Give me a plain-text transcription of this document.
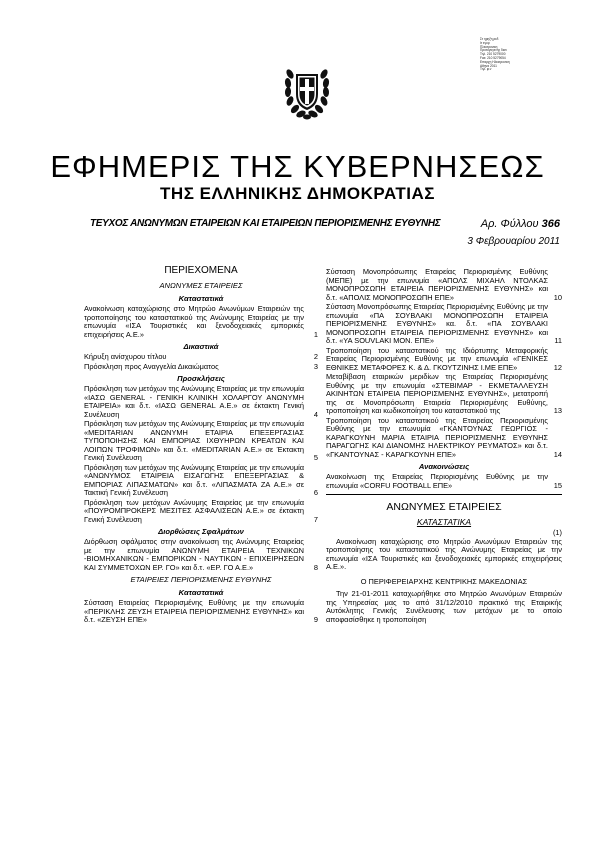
Στ ηρηξη ρεδ
Ιτ εγορ
Πλεκτρονικη
Προτογογενης διαν
Τηλ. 210 5279000
Fax: 210 5279054
Επαρχη Ηλεκτρονικη
Αθηνα 2011
Τηλ. φ.ν
ΕΦΗΜΕΡΙΣ ΤΗΣ ΚΥΒΕΡΝΗΣΕΩΣ
ΤΗΣ ΕΛΛΗΝΙΚΗΣ ΔΗΜΟΚΡΑΤΙΑΣ
ΤΕΥΧΟΣ ΑΝΩΝΥΜΩΝ ΕΤΑΙΡΕΙΩΝ ΚΑΙ ΕΤΑΙΡΕΙΩΝ ΠΕΡΙΟΡΙΣΜΕΝΗΣ ΕΥΘΥΝΗΣ	Αρ. Φύλλου 366
3 Φεβρουαρίου 2011
ΠΕΡΙΕΧΟΜΕΝΑ
ΑΝΩΝΥΜΕΣ ΕΤΑΙΡΕΙΕΣ
Καταστατικά
Ανακοίνωση καταχώρισης στο Μητρώο Ανωνύμων Εταιρειών της τροποποίησης του καταστατικού της Ανώνυμης Εταιρείας με την επωνυμία «ΙΣΑ Τουριστικές και ξενοδοχειακές εμπορικές επιχειρήσεις Α.Ε.»	1
Δικαστικά
Κήρυξη ανίσχυρου τίτλου	2
Πρόσκληση προς Αναγγελία Δικαιώματος	3
Προσκλήσεις
Πρόσκληση των μετόχων της Ανώνυμης Εταιρείας με την επωνυμία «ΙΑΣΩ GENERAL - ΓΕΝΙΚΗ ΚΛΙΝΙΚΗ ΧΟΛΑΡΓΟΥ ΑΝΩΝΥΜΗ ΕΤΑΙΡΕΙΑ» και δ.τ. «ΙΑΣΩ GENERAL A.E.» σε έκτακτη Γενική Συνέλευση	4
Πρόσκληση των μετόχων της Ανώνυμης Εταιρείας με την επωνυμία «MEDITARIAN ΑΝΩΝΥΜΗ ΕΤΑΙΡΙΑ ΕΠΕΞΕΡΓΑΣΙΑΣ ΤΥΠΟΠΟΙΗΣΗΣ ΚΑΙ ΕΜΠΟΡΙΑΣ ΙΧΘΥΗΡΩΝ ΚΡΕΑΤΩΝ ΚΑΙ ΛΟΙΠΩΝ ΤΡΟΦΙΜΩΝ» και δ.τ. «MEDITARIAN A.E.» σε Έκτακτη Γενική Συνέλευση	5
Πρόσκληση των μετόχων της Ανώνυμης Εταιρείας με την επωνυμία «ΑΝΩΝΥΜΟΣ ΕΤΑΙΡΕΙΑ ΕΙΣΑΓΩΓΗΣ ΕΠΕΞΕΡΓΑΣΙΑΣ & ΕΜΠΟΡΙΑΣ ΛΙΠΑΣΜΑΤΩΝ» και δ.τ. «ΛΙΠΑΣΜΑΤΑ ΖΑ Α.Ε.» σε Τακτική Γενική Συνέλευση	6
Πρόσκληση των μετόχων Ανώνυμης Εταιρείας με την επωνυμία «ΠΟΥΡΟΜΠΡΟΚΕΡΣ ΜΕΣΙΤΕΣ ΑΣΦΑΛΙΣΕΩΝ Α.Ε.» σε έκτακτη Γενική Συνέλευση	7
Διορθώσεις Σφαλμάτων
Διόρθωση σφάλματος στην ανακοίνωση της Ανώνυμης Εταιρείας με την επωνυμία ΑΝΩΝΥΜΗ ΕΤΑΙΡΕΙΑ ΤΕΧΝΙΚΩΝ -ΒΙΟΜΗΧΑΝΙΚΩΝ - ΕΜΠΟΡΙΚΩΝ - ΝΑΥΤΙΚΩΝ - ΕΠΙΧΕΙΡΗΣΕΩΝ ΚΑΙ ΣΥΜΜΕΤΟΧΩΝ ΕΡ. ΓΟ» και δ.τ. «ΕΡ. ΓΟ Α.Ε.»	8
ΕΤΑΙΡΕΙΕΣ ΠΕΡΙΟΡΙΣΜΕΝΗΣ ΕΥΘΥΝΗΣ
Καταστατικά
Σύσταση Εταιρείας Περιορισμένης Ευθύνης με την επωνυμία «ΠΕΡΙΚΛΗΣ ΖΕΥΣΗ ΕΤΑΙΡΕΙΑ ΠΕΡΙΟΡΙΣΜΕΝΗΣ ΕΥΘΥΝΗΣ» και δ.τ. «ΖΕΥΣΗ ΕΠΕ»	9
Σύσταση Μονοπρόσωπης Εταιρείας Περιορισμένης Ευθύνης (ΜΕΠΕ) με την επωνυμία «ΑΠΟΛΣ ΜΙΧΑΗΛ ΝΤΟΛΚΑΣ ΜΟΝΟΠΡΟΣΩΠΗ ΕΤΑΙΡΕΙΑ ΠΕΡΙΟΡΙΣΜΕΝΗΣ ΕΥΘΥΝΗΣ» και δ.τ. «ΑΠΟΛΙΣ ΜΟΝΟΠΡΟΣΩΠΗ ΕΠΕ»	10
Σύσταση Μονοπρόσωπης Εταιρείας Περιορισμένης Ευθύνης με την επωνυμία «ΠΑ ΣΟΥΒΛΑΚΙ ΜΟΝΟΠΡΟΣΩΠΗ ΕΤΑΙΡΕΙΑ ΠΕΡΙΟΡΙΣΜΕΝΗΣ ΕΥΘΥΝΗΣ» κα. δ.τ. «ΠΑ ΣΟΥΒΛΑΚΙ ΜΟΝΟΠΡΟΣΩΠΗ ΕΤΑΙΡΕΙΑ ΠΕΡΙΟΡΙΣΜΕΝΗΣ ΕΥΘΥΝΗΣ» και δ.τ. «ΥΑ SOUVLAKI ΜΟΝ. ΕΠΕ»	11
Τροποποίηση του καταστατικού της Ιδιόρτυπης Μεταφορικής Εταιρείας Περιορισμένης Ευθύνης με την επωνυμία «ΓΕΝΙΚΕΣ ΕΘΝΙΚΕΣ ΜΕΤΑΦΟΡΕΣ Κ. & Δ. ΓΚΟΥΤΖΙΝΗΣ Ι.ΜΕ ΕΠΕ»	12
Μεταβίβαση εταιρικών μεριδίων της Εταιρείας Περιορισμένης Ευθύνης με την επωνυμία «ΣΤΕΒΙΜΑΡ - ΕΚΜΕΤΑΛΛΕΥΣΗ ΑΚΙΝΗΤΩΝ ΕΤΑΙΡΕΙΑ ΠΕΡΙΟΡΙΣΜΕΝΗΣ ΕΥΘΥΝΗΣ», μετατροπή της σε Μονοπρόσωπη Εταιρεία Περιορισμένης Ευθύνης, τροποποίηση και κωδικοποίηση του καταστατικού της	13
Τροποποίηση του καταστατικού της Εταιρείας Περιορισμένης Ευθύνης με την επωνυμία «ΓΚΑΝΤΟΥΝΑΣ ΓΕΩΡΓΙΟΣ - ΚΑΡΑΓΚΟΥΝΗ ΜΑΡΙΑ ΕΤΑΙΡΙΑ ΠΕΡΙΟΡΙΣΜΕΝΗΣ ΕΥΘΥΝΗΣ ΠΑΡΑΓΩΓΗΣ ΚΑΙ ΔΙΑΝΟΜΗΣ ΗΛΕΚΤΡΙΚΟΥ ΡΕΥΜΑΤΟΣ» και δ.τ. «ΓΚΑΝΤΟΥΝΑΣ - ΚΑΡΑΓΚΟΥΝΗ ΕΠΕ»	14
Ανακοινώσεις
Ανακοίνωση της Εταιρείας Περιορισμένης Ευθύνης με την επωνυμία «CORFU FOOTBALL ΕΠΕ»	15
ΑΝΩΝΥΜΕΣ ΕΤΑΙΡΕΙΕΣ
ΚΑΤΑΣΤΑΤΙΚΑ
(1)
Ανακοίνωση καταχώρισης στο Μητρώο Ανωνύμων Εταιρειών της τροποποίησης του καταστατικού της Ανώνυμης Εταιρείας με την επωνυμία «ΙΣΑ Τουριστικές και ξενοδοχειακές εμπορικές επιχειρήσεις Α.Ε.».
Ο ΠΕΡΙΦΕΡΕΙΑΡΧΗΣ ΚΕΝΤΡΙΚΗΣ ΜΑΚΕΔΟΝΙΑΣ
Την 21-01-2011 καταχωρήθηκε στο Μητρώο Ανωνύμων Εταιρειών της Υπηρεσίας μας το από 31/12/2010 πρακτικό της Εταιρικής Αυτόκλητης Γενικής Συνέλευσης των μετόχων με το οποίο αποφασίσθηκε η τροποποίηση
